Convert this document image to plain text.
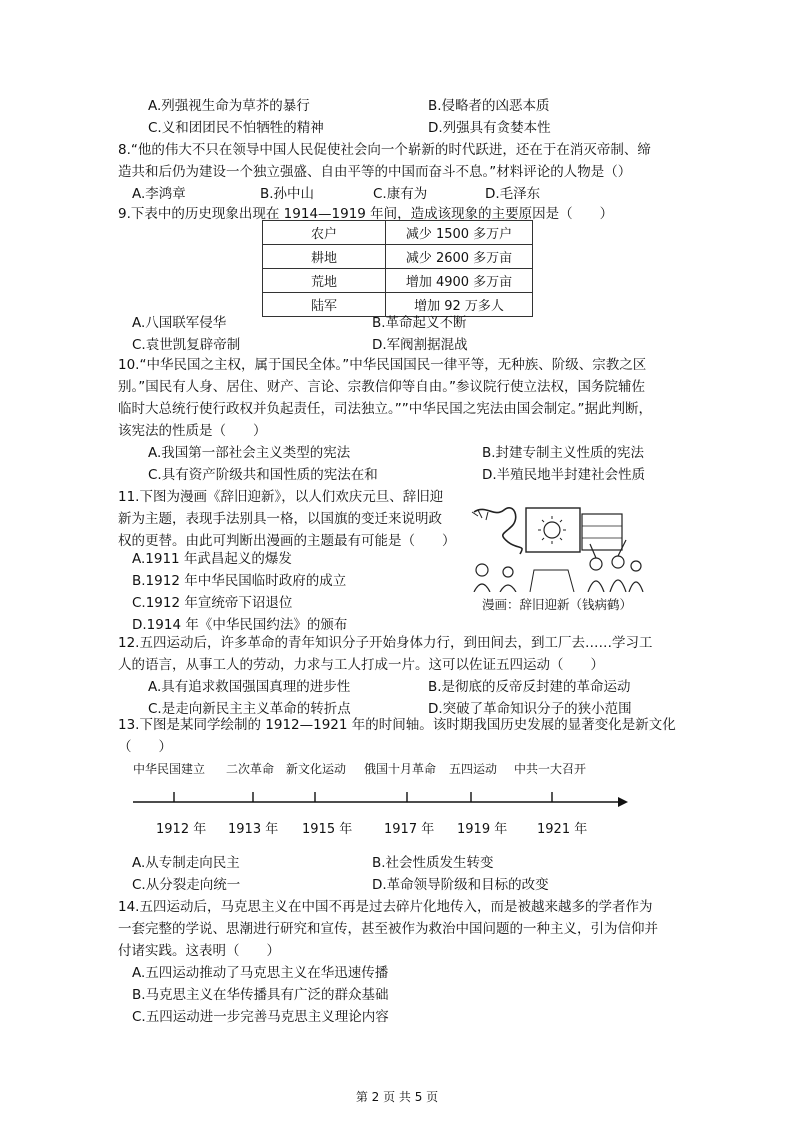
A.列强视生命为草芥的暴行	B.侵略者的凶恶本质
C.义和团团民不怕牺牲的精神	D.列强具有贪婪本性
8.“他的伟大不只在领导中国人民促使社会向一个崭新的时代跃进，还在于在消灭帝制、缔
造共和后仍为建设一个独立强盛、自由平等的中国而奋斗不息。”材料评论的人物是（）
A.李鸿章	B.孙中山	C.康有为	D.毛泽东
9.下表中的历史现象出现在 1914—1919 年间，造成该现象的主要原因是（　　）
农户	减少 1500 多万户
耕地	减少 2600 多万亩
荒地	增加 4900 多万亩
陆军	增加 92 万多人
A.八国联军侵华	B.革命起义不断
C.袁世凯复辟帝制	D.军阀割据混战
10.“中华民国之主权，属于国民全体。”中华民国国民一律平等，无种族、阶级、宗教之区
别。”国民有人身、居住、财产、言论、宗教信仰等自由。”参议院行使立法权，国务院辅佐
临时大总统行使行政权并负起责任，司法独立。””中华民国之宪法由国会制定。”据此判断，
该宪法的性质是（　　）
A.我国第一部社会主义类型的宪法	B.封建专制主义性质的宪法
C.具有资产阶级共和国性质的宪法在和	D.半殖民地半封建社会性质
11.下图为漫画《辞旧迎新》，以人们欢庆元旦、辞旧迎
新为主题，表现手法别具一格，以国旗的变迁来说明政
权的更替。由此可判断出漫画的主题最有可能是（　　）
A.1911 年武昌起义的爆发
B.1912 年中华民国临时政府的成立
C.1912 年宣统帝下诏退位
D.1914 年《中华民国约法》的颁布
漫画：辞旧迎新（钱病鹤）
12.五四运动后，许多革命的青年知识分子开始身体力行，到田间去，到工厂去……学习工
人的语言，从事工人的劳动，力求与工人打成一片。这可以佐证五四运动（　　）
A.具有追求救国强国真理的进步性	B.是彻底的反帝反封建的革命运动
C.是走向新民主主义革命的转折点	D.突破了革命知识分子的狭小范围
13.下图是某同学绘制的 1912—1921 年的时间轴。该时期我国历史发展的显著变化是新文化
（　　）
中华民国建立 二次革命 新文化运动 俄国十月革命 五四运动 中共一大召开
1912 年 1913 年 1915 年 1917 年 1919 年 1921 年
A.从专制走向民主	B.社会性质发生转变
C.从分裂走向统一	D.革命领导阶级和目标的改变
14.五四运动后，马克思主义在中国不再是过去碎片化地传入，而是被越来越多的学者作为
一套完整的学说、思潮进行研究和宣传，甚至被作为救治中国问题的一种主义，引为信仰并
付诸实践。这表明（　　）
A.五四运动推动了马克思主义在华迅速传播
B.马克思主义在华传播具有广泛的群众基础
C.五四运动进一步完善马克思主义理论内容
第 2 页 共 5 页
